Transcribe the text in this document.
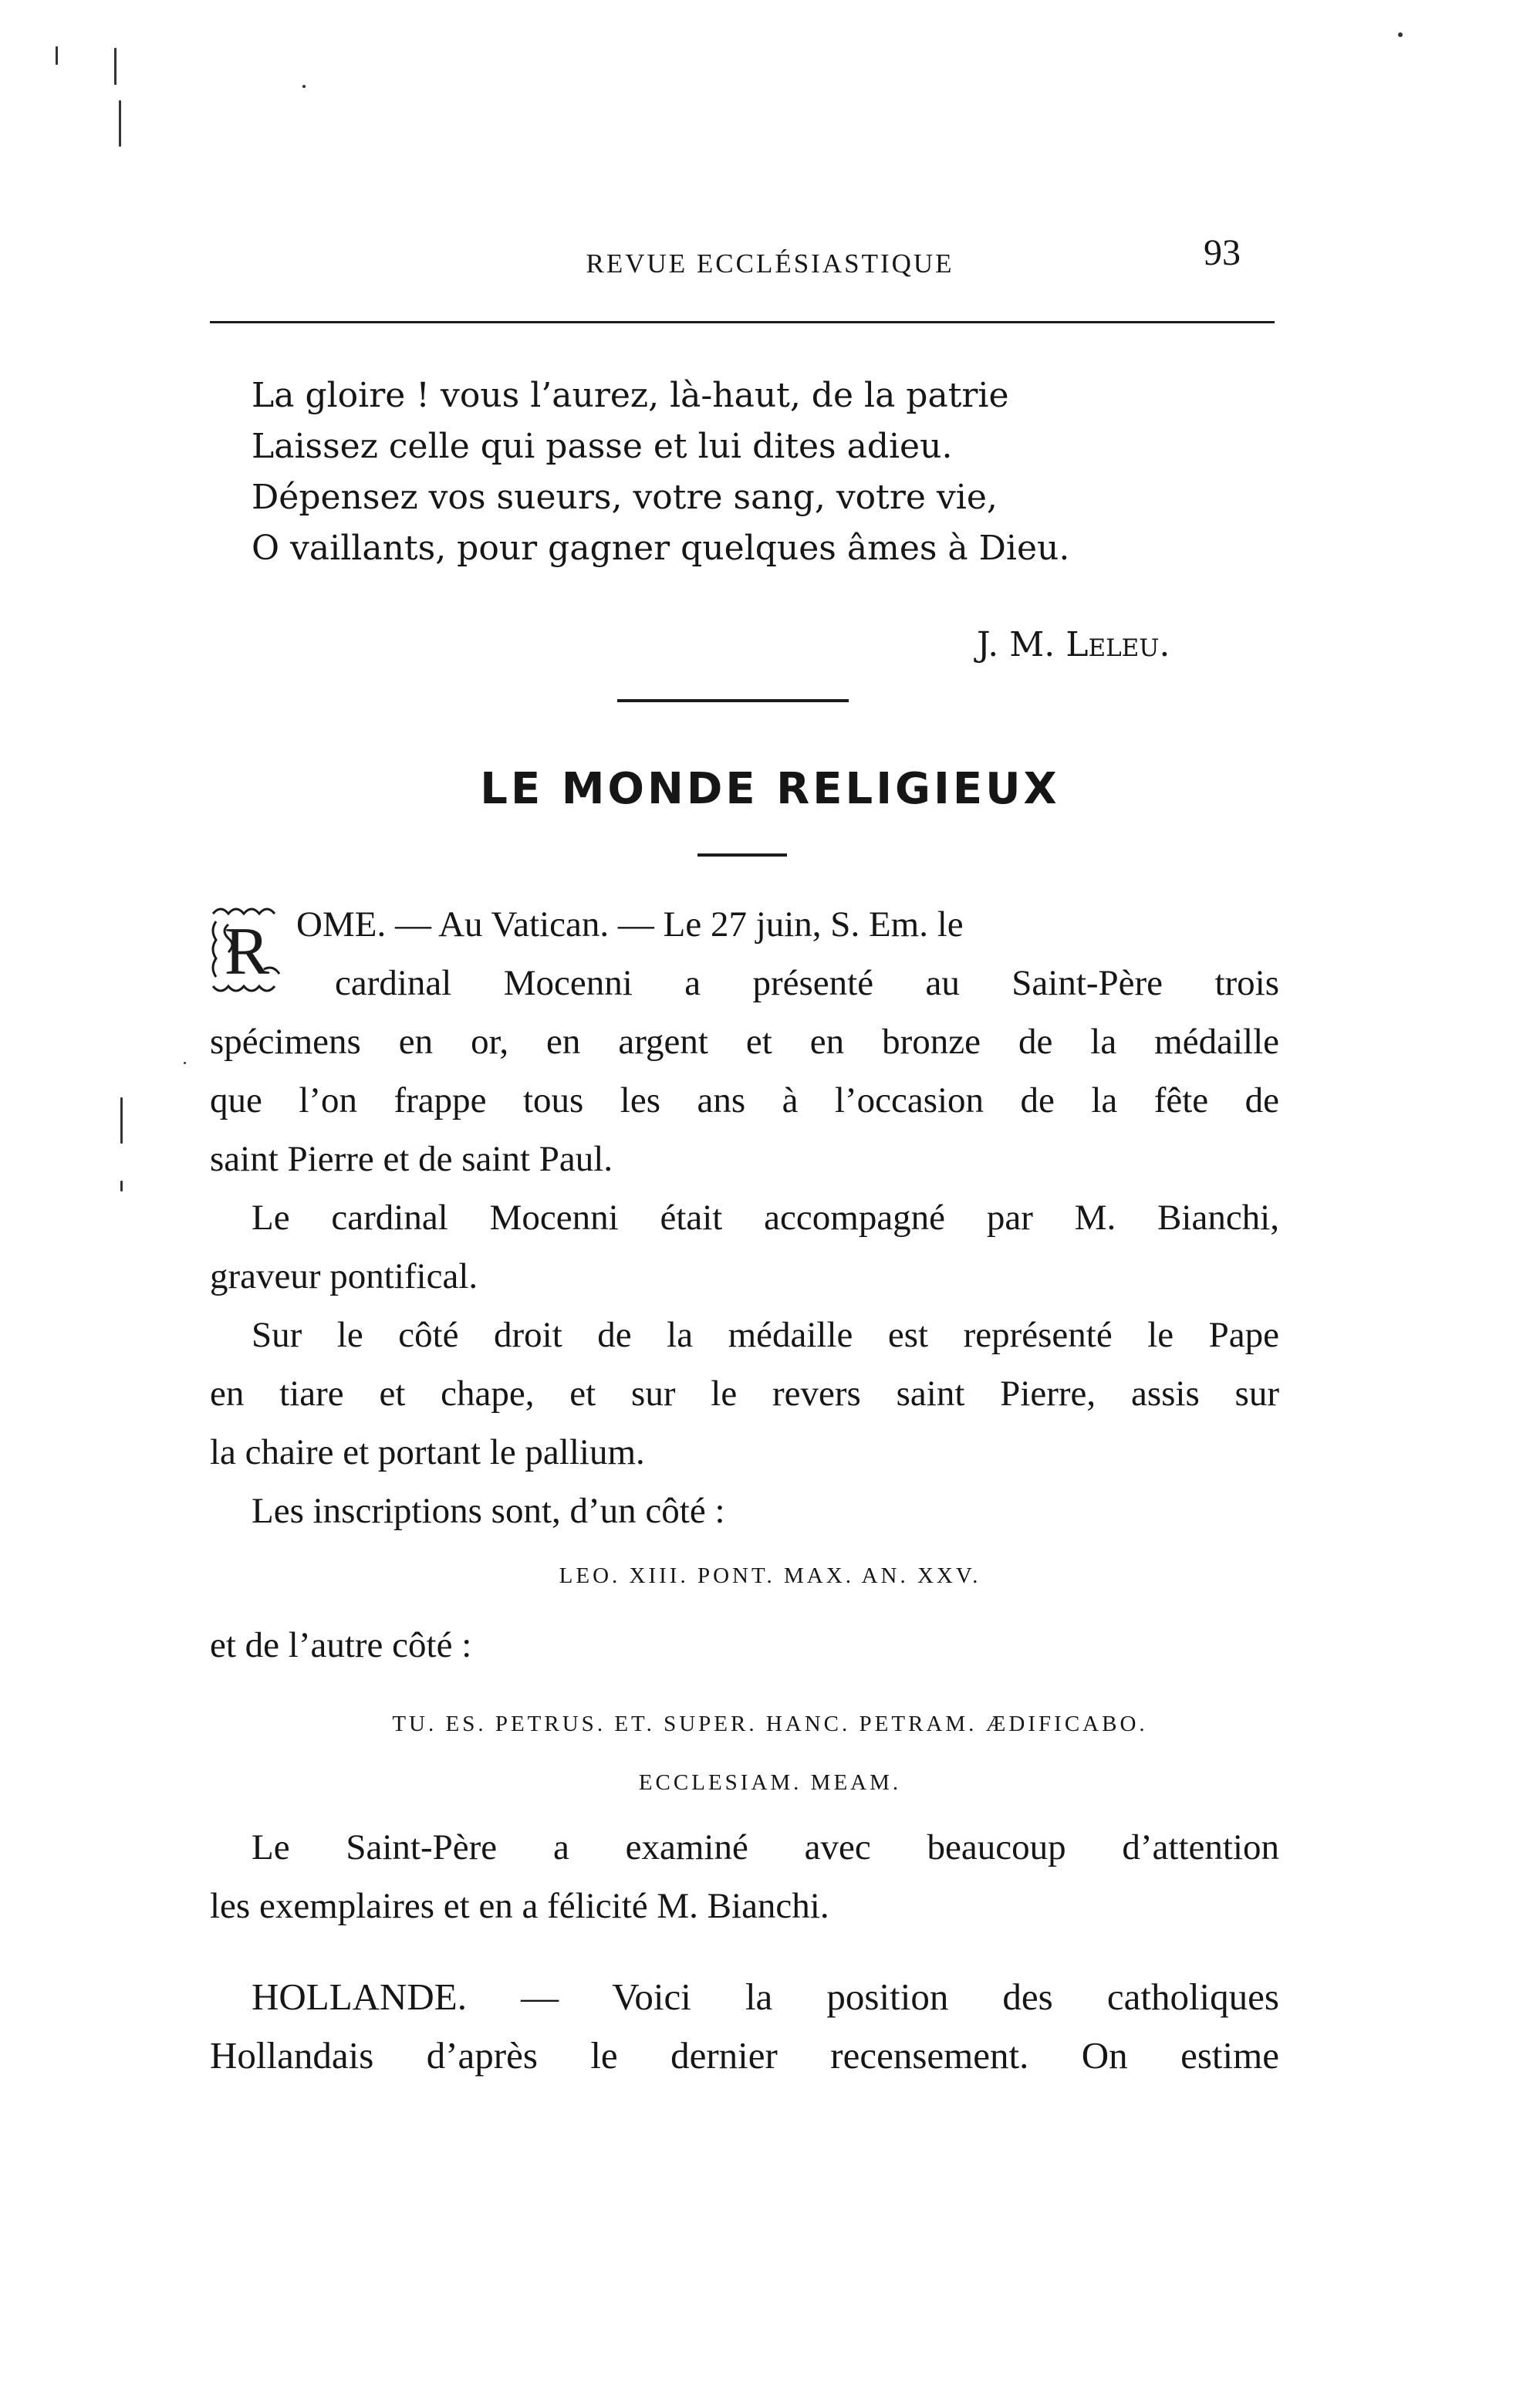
REVUE ECCLÉSIASTIQUE	93
La gloire ! vous l’aurez, là-haut, de la patrie
Laissez celle qui passe et lui dites adieu.
Dépensez vos sueurs, votre sang, votre vie,
O vaillants, pour gagner quelques âmes à Dieu.
J. M. Leleu.
LE MONDE RELIGIEUX
R OME. — Au Vatican. — Le 27 juin, S. Em. le
cardinal Mocenni a présenté au Saint-Père trois
spécimens en or, en argent et en bronze de la médaille
que l’on frappe tous les ans à l’occasion de la fête de
saint Pierre et de saint Paul.
Le cardinal Mocenni était accompagné par M. Bianchi,
graveur pontifical.
Sur le côté droit de la médaille est représenté le Pape
en tiare et chape, et sur le revers saint Pierre, assis sur
la chaire et portant le pallium.
Les inscriptions sont, d’un côté :
LEO. XIII. PONT. MAX. AN. XXV.
et de l’autre côté :
TU. ES. PETRUS. ET. SUPER. HANC. PETRAM. ÆDIFICABO.
ECCLESIAM. MEAM.
Le Saint-Père a examiné avec beaucoup d’attention
les exemplaires et en a félicité M. Bianchi.
HOLLANDE. — Voici la position des catholiques
Hollandais d’après le dernier recensement. On estime
